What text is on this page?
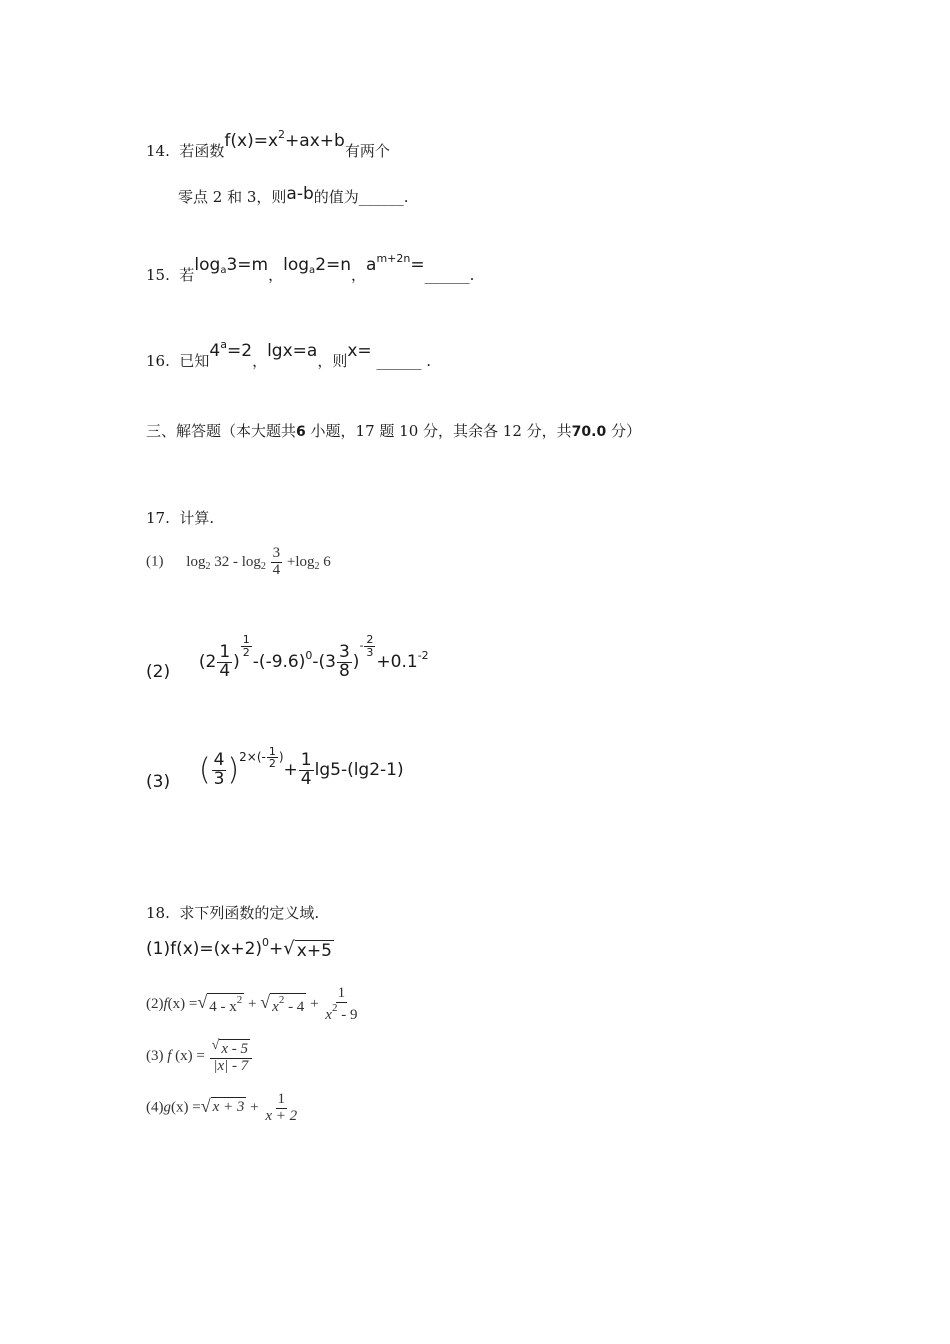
14. 若函数$f(x)=x^2+ax+b$有两个
零点 2 和 3，则a-b的值为______.
15. 若$\log_a3=m$，$\log_a2=n$，$a^{m+2n}=\_\_\_\_\_\_$.
16. 已知$4^a=2$，lgx=a，则x= ______ .
三、解答题（本大题共6 小题，17 题 10 分，其余各 12 分，共70.0 分）
17. 计算.
(1) $\log_2 32 - \log_2 \frac{3}{4} +\log_2$ 6
(2) ($2 \frac{1}{4}$ )
$\frac{1}{2}$
$-(-9.6)^0-(3 \frac{3}{8} )^- \frac{2}{3}$
$+0.1^{-2}$
(3) ( $\frac{4}{3} )^{2\times(- \frac{1}{2} )}+ \frac{1}{4} \lg 5-(\lg 2-1)$
18. 求下列函数的定义域.
$(1)f(x)=(x+2)^0+$ √ x+5
(2)f(x) = √ $4 - x^2$ + √ $x^2 - 4 + \frac{1}{x^2 - 9}$
(3) f $(x) = \frac{√ x - 5}{|x| - 7}$
(4)g(x) = √ $x + 3 + \frac{1}{x + 2}$
